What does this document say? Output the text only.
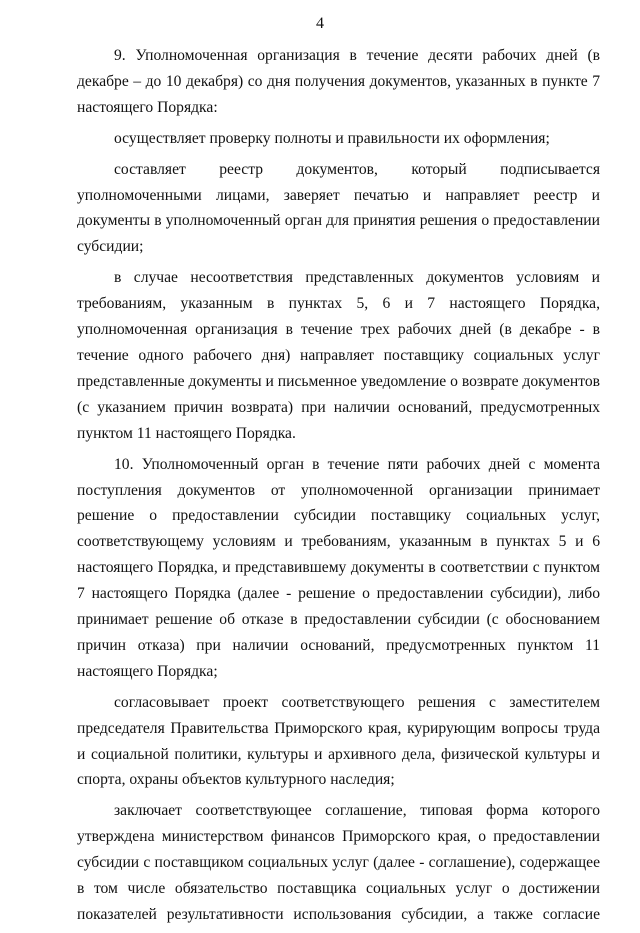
4

9. Уполномоченная организация в течение десяти рабочих дней (в декабре – до 10 декабря) со дня получения документов, указанных в пункте 7 настоящего Порядка:

осуществляет проверку полноты и правильности их оформления;

составляет реестр документов, который подписывается уполномоченными лицами, заверяет печатью и направляет реестр и документы в уполномоченный орган для принятия решения о предоставлении субсидии;

в случае несоответствия представленных документов условиям и требованиям, указанным в пунктах 5, 6 и 7 настоящего Порядка, уполномоченная организация в течение трех рабочих дней (в декабре - в течение одного рабочего дня) направляет поставщику социальных услуг представленные документы и письменное уведомление о возврате документов (с указанием причин возврата) при наличии оснований, предусмотренных пунктом 11 настоящего Порядка.

10. Уполномоченный орган в течение пяти рабочих дней с момента поступления документов от уполномоченной организации принимает решение о предоставлении субсидии поставщику социальных услуг, соответствующему условиям и требованиям, указанным в пунктах 5 и 6 настоящего Порядка, и представившему документы в соответствии с пунктом 7 настоящего Порядка (далее - решение о предоставлении субсидии), либо принимает решение об отказе в предоставлении субсидии (с обоснованием причин отказа) при наличии оснований, предусмотренных пунктом 11 настоящего Порядка;

согласовывает проект соответствующего решения с заместителем председателя Правительства Приморского края, курирующим вопросы труда и социальной политики, культуры и архивного дела, физической культуры и спорта, охраны объектов культурного наследия;

заключает соответствующее соглашение, типовая форма которого утверждена министерством финансов Приморского края, о предоставлении субсидии с поставщиком социальных услуг (далее - соглашение), содержащее в том числе обязательство поставщика социальных услуг о достижении показателей результативности использования субсидии, а также согласие
